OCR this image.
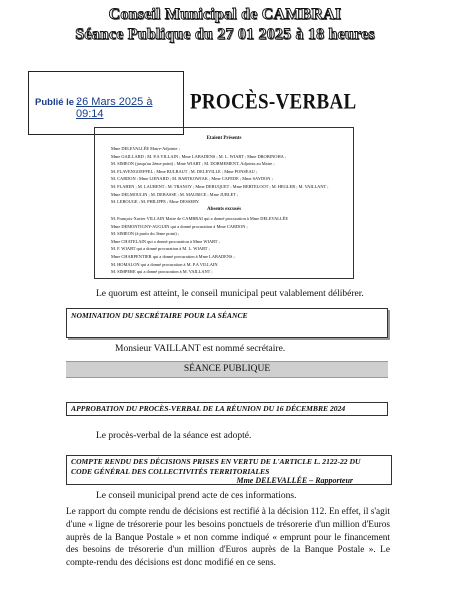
Conseil Municipal de CAMBRAI
Séance Publique du 27 01 2025 à 18 heures
Publié le :
26 Mars 2025 à 09:14	PROCÈS-VERBAL
Etaient Présents
Mme DELEVALLÉE Maire-Adjointe ;
Mme GAILLARD ; M. P.A VILLAIN ; Mme LABADENS ; M. L. WIART ; Mme DROBINOHA ;
M. SIMEON (jusqu'au 2ème point) ; Mme WIART ; M. DORMEMENT, Adjoints au Maire ;
M. FLAVENGOEFFEL ; Mme BULBAUT ; M. DELEVILLE ; Mme PONSEAU ;
M. CARDON ; Mme LIENARD ; M. BARTKOWIAK ; Mme CAFEDE ; Mme SAYDON ;
M. FLAHEN ; M. LAURENT ; M. TRANOY ; Mme DEBUQUET ; Mme BERTELOOT ; M. HEGLER ; M. VAILLANT ;
Mme DELMOULIN ; M. DERASSE ; M. MAURICE ; Mme JUBLET ;
M. LEBOUGE ; M. PHILIPPE ; Mme DESSERY.
Absents excusés
M. François-Xavier VILLAIN Maire de CAMBRAI qui a donné procuration à Mme DELEVALLÉE
Mme DEMONTIGNY-AUGUIN qui a donné procuration à Mme CARDON ;
M. SIMEON (à partir du 3ème point) ;
Mme CHATELAIN qui a donné procuration à Mme WIART ;
M. F. WIART qui a donné procuration à M. L. WIART ;
Mme CHARPENTIER qui a donné procuration à Mme LABADENS ;
M. HOMALON qui a donné procuration à M. P.A VILLAIN
M. SIMPERE qui a donné procuration à M. VAILLANT ;
Le quorum est atteint, le conseil municipal peut valablement délibérer.
NOMINATION DU SECRÉTAIRE POUR LA SÉANCE
Monsieur VAILLANT est nommé secrétaire.
SÉANCE PUBLIQUE
APPROBATION DU PROCÈS-VERBAL DE LA RÉUNION DU 16 DÉCEMBRE 2024
Le procès-verbal de la séance est adopté.
COMPTE RENDU DES DÉCISIONS PRISES EN VERTU DE L'ARTICLE L. 2122-22 DU
CODE GÉNÉRAL DES COLLECTIVITÉS TERRITORIALES
Mme DELEVALLÉE – Rapporteur
Le conseil municipal prend acte de ces informations.
Le rapport du compte rendu de décisions est rectifié à la décision 112. En effet, il s'agit d'une « ligne de trésorerie pour les besoins ponctuels de trésorerie d'un million d'Euros auprès de la Banque Postale » et non comme indiqué « emprunt pour le financement des besoins de trésorerie d'un million d'Euros auprès de la Banque Postale ». Le compte-rendu des décisions est donc modifié en ce sens.
